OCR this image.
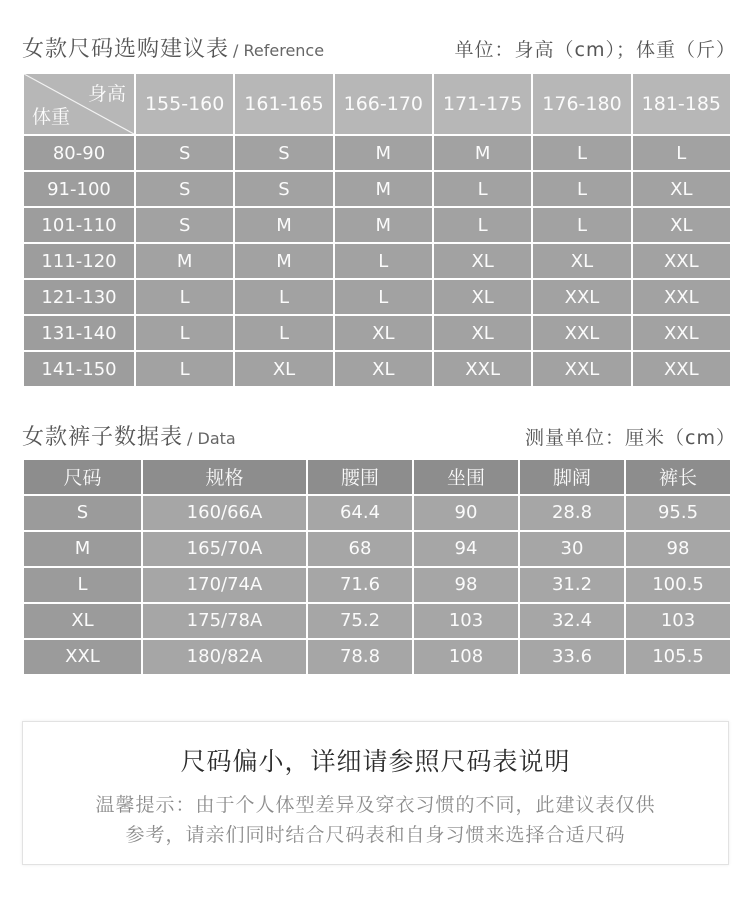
女款尺码选购建议表 / Reference	单位：身高（cm）；体重（斤）
身高
体重	155-160	161-165	166-170	171-175	176-180	181-185
80-90	S	S	M	M	L	L
91-100	S	S	M	L	L	XL
101-110	S	M	M	L	L	XL
111-120	M	M	L	XL	XL	XXL
121-130	L	L	L	XL	XXL	XXL
131-140	L	L	XL	XL	XXL	XXL
141-150	L	XL	XL	XXL	XXL	XXL
女款裤子数据表 / Data	测量单位：厘米（cm）
尺码	规格	腰围	坐围	脚阔	裤长
S	160/66A	64.4	90	28.8	95.5
M	165/70A	68	94	30	98
L	170/74A	71.6	98	31.2	100.5
XL	175/78A	75.2	103	32.4	103
XXL	180/82A	78.8	108	33.6	105.5
尺码偏小，详细请参照尺码表说明
温馨提示：由于个人体型差异及穿衣习惯的不同，此建议表仅供
参考，请亲们同时结合尺码表和自身习惯来选择合适尺码
